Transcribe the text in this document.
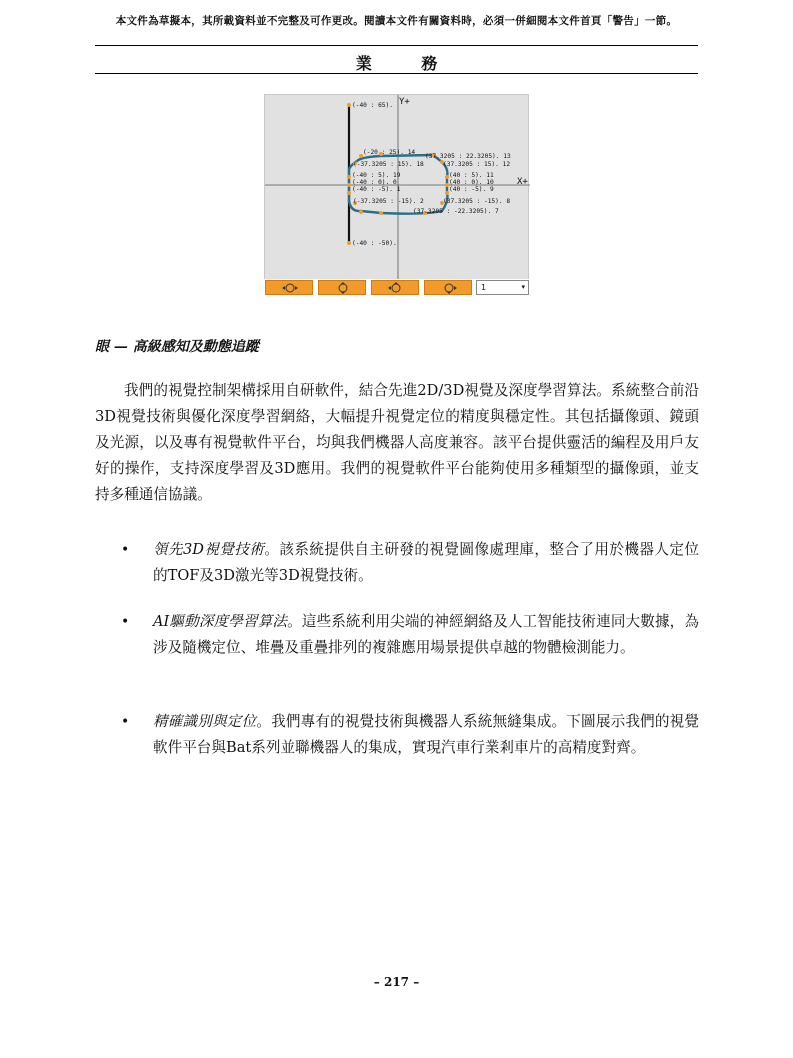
本文件為草擬本，其所載資料並不完整及可作更改。閱讀本文件有關資料時，必須一併細閱本文件首頁「警告」一節。
業 務
Y+
X+
(-40 : 65).
(-20 : 25). 14
(37.3205 : 22.3205). 13
(37.3205 : 15). 12
(-37.3205 : 15). 18
(40 : 5). 11
(-40 : 5). 19
(40 : 0). 10
(-40 : 0). 0
(40 : -5). 9
(-40 : -5). 1
(37.3205 : -15). 8
(-37.3205 : -15). 2
(37.3205 : -22.3205). 7
(-40 : -50).
1	▾
眼 — 高級感知及動態追蹤
我們的視覺控制架構採用自研軟件，結合先進2D/3D視覺及深度學習算法。系統整合前沿3D視覺技術與優化深度學習網絡，大幅提升視覺定位的精度與穩定性。其包括攝像頭、鏡頭及光源，以及專有視覺軟件平台，均與我們機器人高度兼容。該平台提供靈活的編程及用戶友好的操作，支持深度學習及3D應用。我們的視覺軟件平台能夠使用多種類型的攝像頭，並支持多種通信協議。
• 領先3D視覺技術。該系統提供自主研發的視覺圖像處理庫，整合了用於機器人定位的TOF及3D激光等3D視覺技術。
• AI驅動深度學習算法。這些系統利用尖端的神經網絡及人工智能技術連同大數據，為涉及隨機定位、堆疊及重疊排列的複雜應用場景提供卓越的物體檢測能力。
• 精確識別與定位。我們專有的視覺技術與機器人系統無縫集成。下圖展示我們的視覺軟件平台與Bat系列並聯機器人的集成，實現汽車行業剎車片的高精度對齊。
– 217 –
